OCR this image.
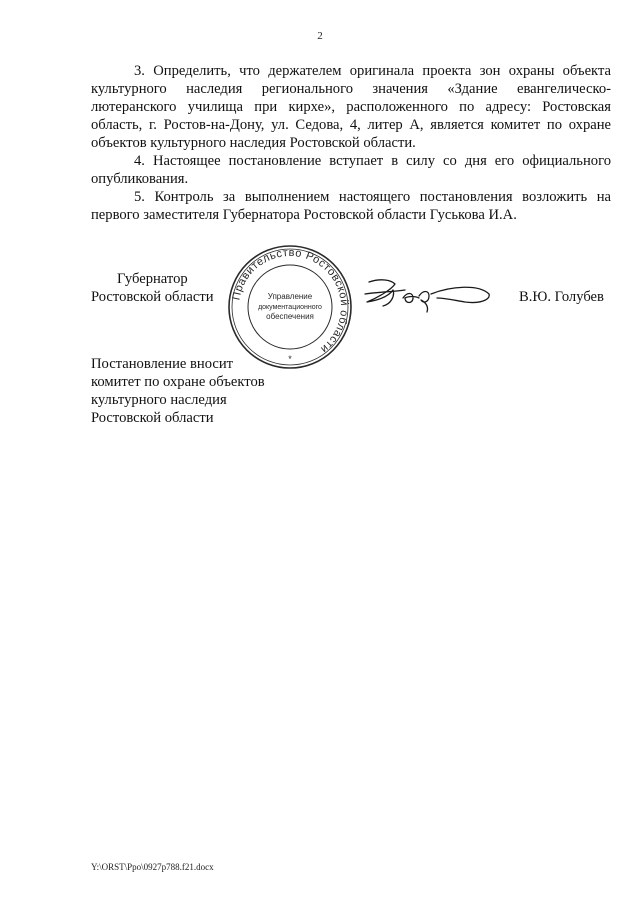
2

3. Определить, что держателем оригинала проекта зон охраны объекта культурного наследия регионального значения «Здание евангелическо-лютеранского училища при кирхе», расположенного по адресу: Ростовская область, г. Ростов-на-Дону, ул. Седова, 4, литер А, является комитет по охране объектов культурного наследия Ростовской области.

4. Настоящее постановление вступает в силу со дня его официального опубликования.

5. Контроль за выполнением настоящего постановления возложить на первого заместителя Губернатора Ростовской области Гуськова И.А.

Губернатор
Ростовской области	Правительство Ростовской области
Управление
документационного
обеспечения
*
В.Ю. Голубев
Постановление вносит
комитет по охране объектов
культурного наследия
Ростовской области
Y:\ORST\Ppo\0927p788.f21.docx
